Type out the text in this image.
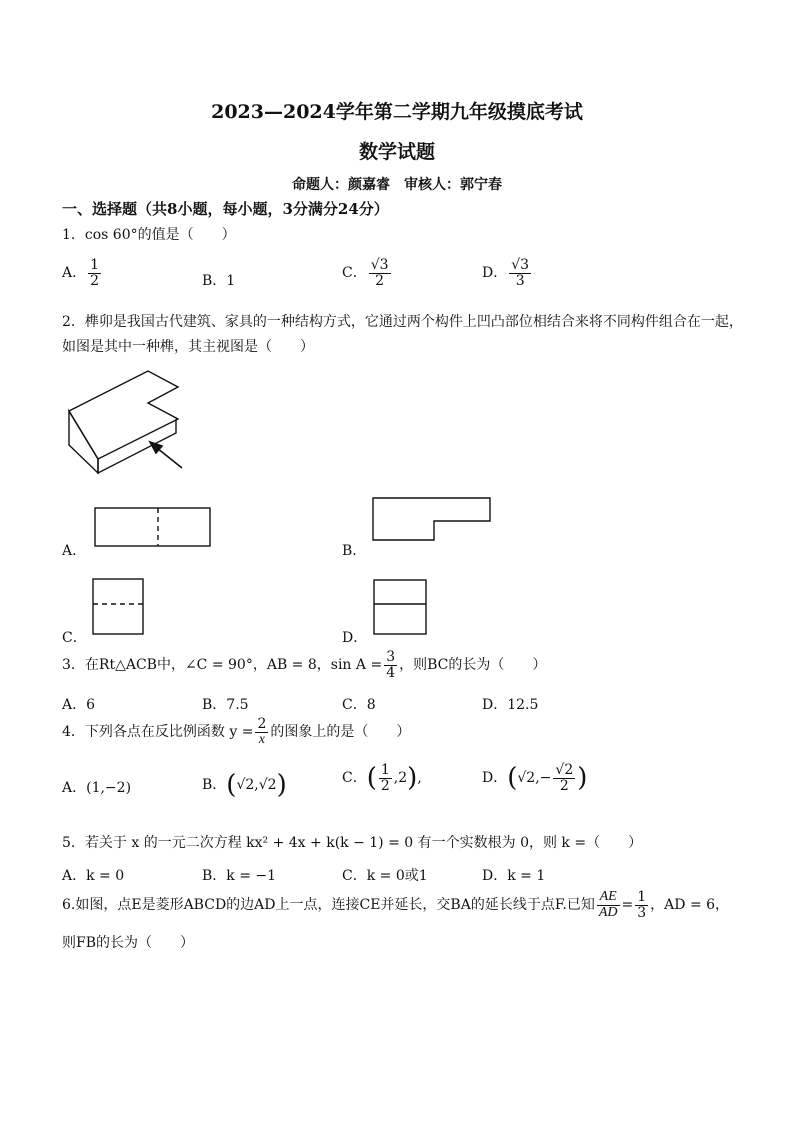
2023—2024学年第二学期九年级摸底考试
数学试题
命题人：颜嘉睿　审核人：郭宁春
一、选择题（共8小题，每小题，3分满分24分）
1．cos 60°的值是（　　）
A． $\frac{1}{2}$	B．1	C． $\frac{√3}{2}$	D． $\frac{√3}{3}$
2．榫卯是我国古代建筑、家具的一种结构方式，它通过两个构件上凹凸部位相结合来将不同构件组合在一起，
如图是其中一种榫，其主视图是（　　）
A．	B．
C．	D．
3．在Rt△ACB中，∠C = 90°，AB = 8，$\sin A = \frac{3}{4}$ ，则BC的长为（　　）
A．6	B．7.5	C．8	D．12.5
4．下列各点在反比例函数 $y = \frac{2}{x}$ 的图象上的是（　　）
A．(1,−2)	B．(√2,√2)	C．( $\frac{1}{2} ,2$),	D．($√2,- \frac{√2}{2}$ )
5．若关于 x 的一元二次方程 kx² + 4x + k(k − 1) = 0 有一个实数根为 0，则 k =（　　）
A．k = 0	B．k = −1	C．k = 0或1	D．k = 1
6.如图，点E是菱形ABCD的边AD上一点，连接CE并延长，交BA的延长线于点F.已知 $\frac{AE}{AD} = \frac{1}{3}$ ，AD = 6，
则FB的长为（　　）
